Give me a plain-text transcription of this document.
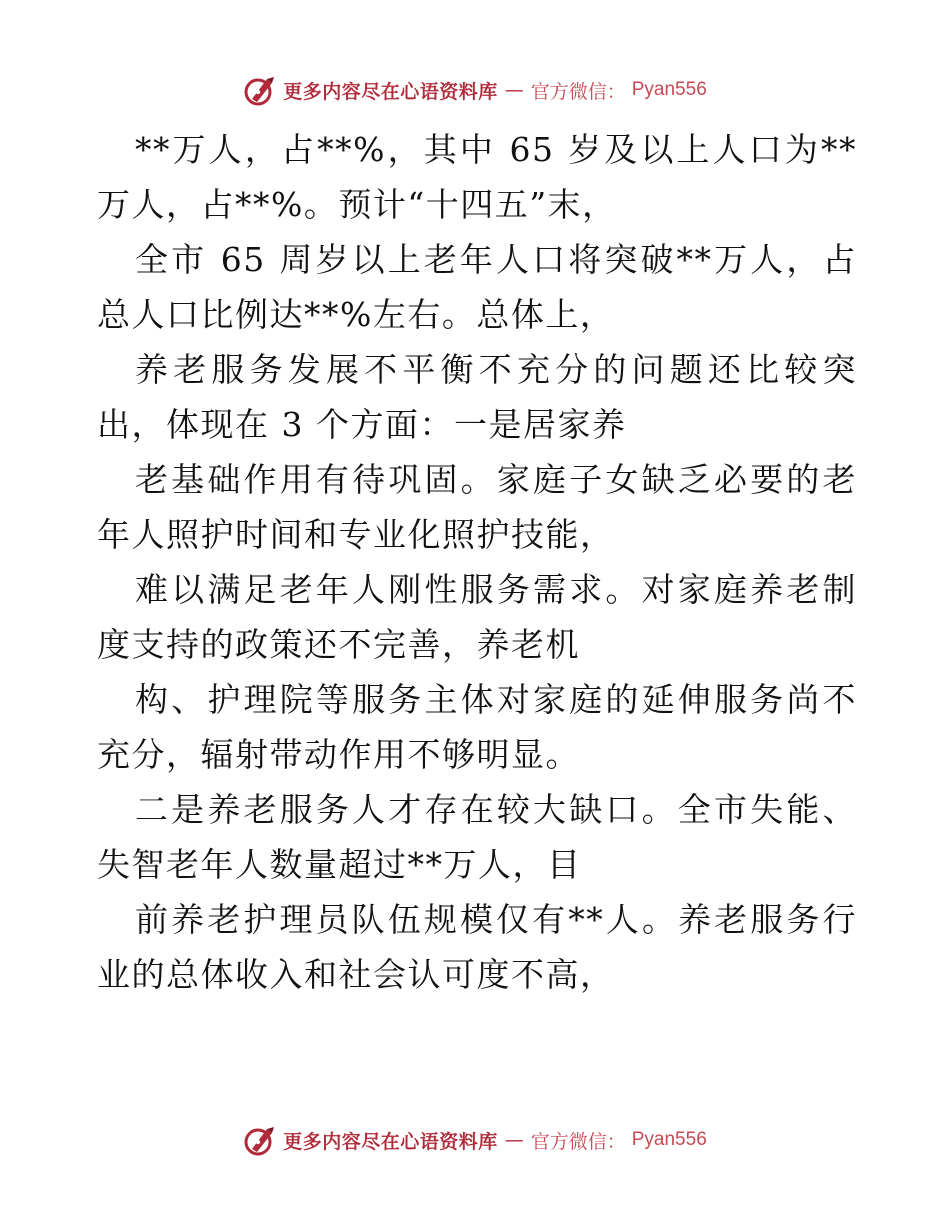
更多内容尽在心语资料库 — 官方微信： Pyan556

**万人，占**%，其中 65 岁及以上人口为**万人，占**%。预计“十四五”末，

全市 65 周岁以上老年人口将突破**万人，占总人口比例达**%左右。总体上，

养老服务发展不平衡不充分的问题还比较突出，体现在 3 个方面：一是居家养

老基础作用有待巩固。家庭子女缺乏必要的老年人照护时间和专业化照护技能，

难以满足老年人刚性服务需求。对家庭养老制度支持的政策还不完善，养老机

构、护理院等服务主体对家庭的延伸服务尚不充分，辐射带动作用不够明显。

二是养老服务人才存在较大缺口。全市失能、失智老年人数量超过**万人，目

前养老护理员队伍规模仅有**人。养老服务行业的总体收入和社会认可度不高，

更多内容尽在心语资料库 — 官方微信： Pyan556
